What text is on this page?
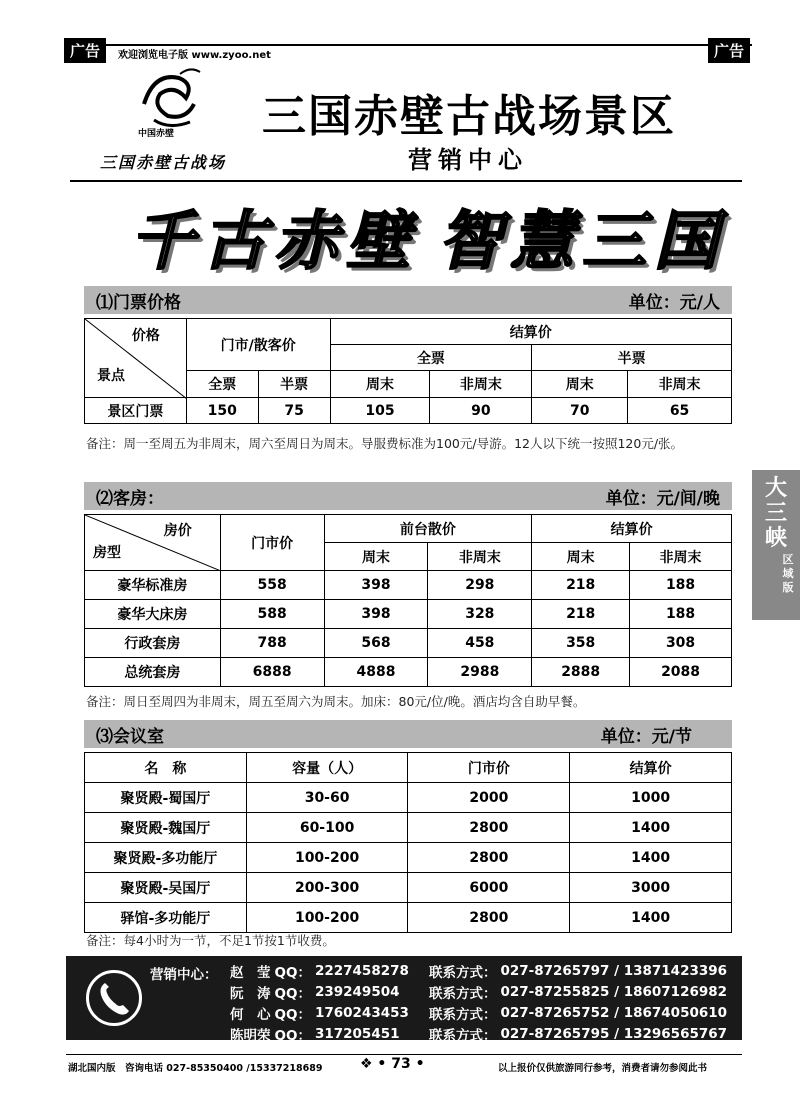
广告	欢迎浏览电子版 www.zyoo.net	广告
中国赤壁
三国赤壁古战场
三国赤壁古战场景区
营销中心
千古赤壁 智慧三国
⑴门票价格	单位：元/人
价格
景点	门市/散客价		结算价			
			全票		半票	
	全票	半票	周末	非周末	周末	非周末
景区门票	150	75	105	90	70	65
备注：周一至周五为非周末，周六至周日为周末。导服费标准为100元/导游。12人以下统一按照120元/张。
⑵客房：	单位：元/间/晚
房价
房型	门市价	前台散价		结算价	
		周末	非周末	周末	非周末
豪华标准房	558	398	298	218	188
豪华大床房	588	398	328	218	188
行政套房	788	568	458	358	308
总统套房	6888	4888	2988	2888	2088
备注：周日至周四为非周末，周五至周六为周末。加床：80元/位/晚。酒店均含自助早餐。
⑶会议室	单位：元/节
名　称	容量（人）	门市价	结算价
聚贤殿-蜀国厅	30-60	2000	1000
聚贤殿-魏国厅	60-100	2800	1400
聚贤殿-多功能厅	100-200	2800	1400
聚贤殿-吴国厅	200-300	6000	3000
驿馆-多功能厅	100-200	2800	1400
备注：每4小时为一节，不足1节按1节收费。
营销中心： 赵　莹	QQ：	2227458278	联系方式：	027-87265797 / 13871423396
阮　涛	QQ：	239249504	联系方式：	027-87255825 / 18607126982
何　心	QQ：	1760243453	联系方式：	027-87265752 / 18674050610
陈明荣	QQ：	317205451	联系方式：	027-87265795 / 13296565767
大三峡
区域版
湖北国内版　咨询电话 027-85350400 /15337218689	❖ • 73 •	以上报价仅供旅游同行参考，消费者请勿参阅此书
